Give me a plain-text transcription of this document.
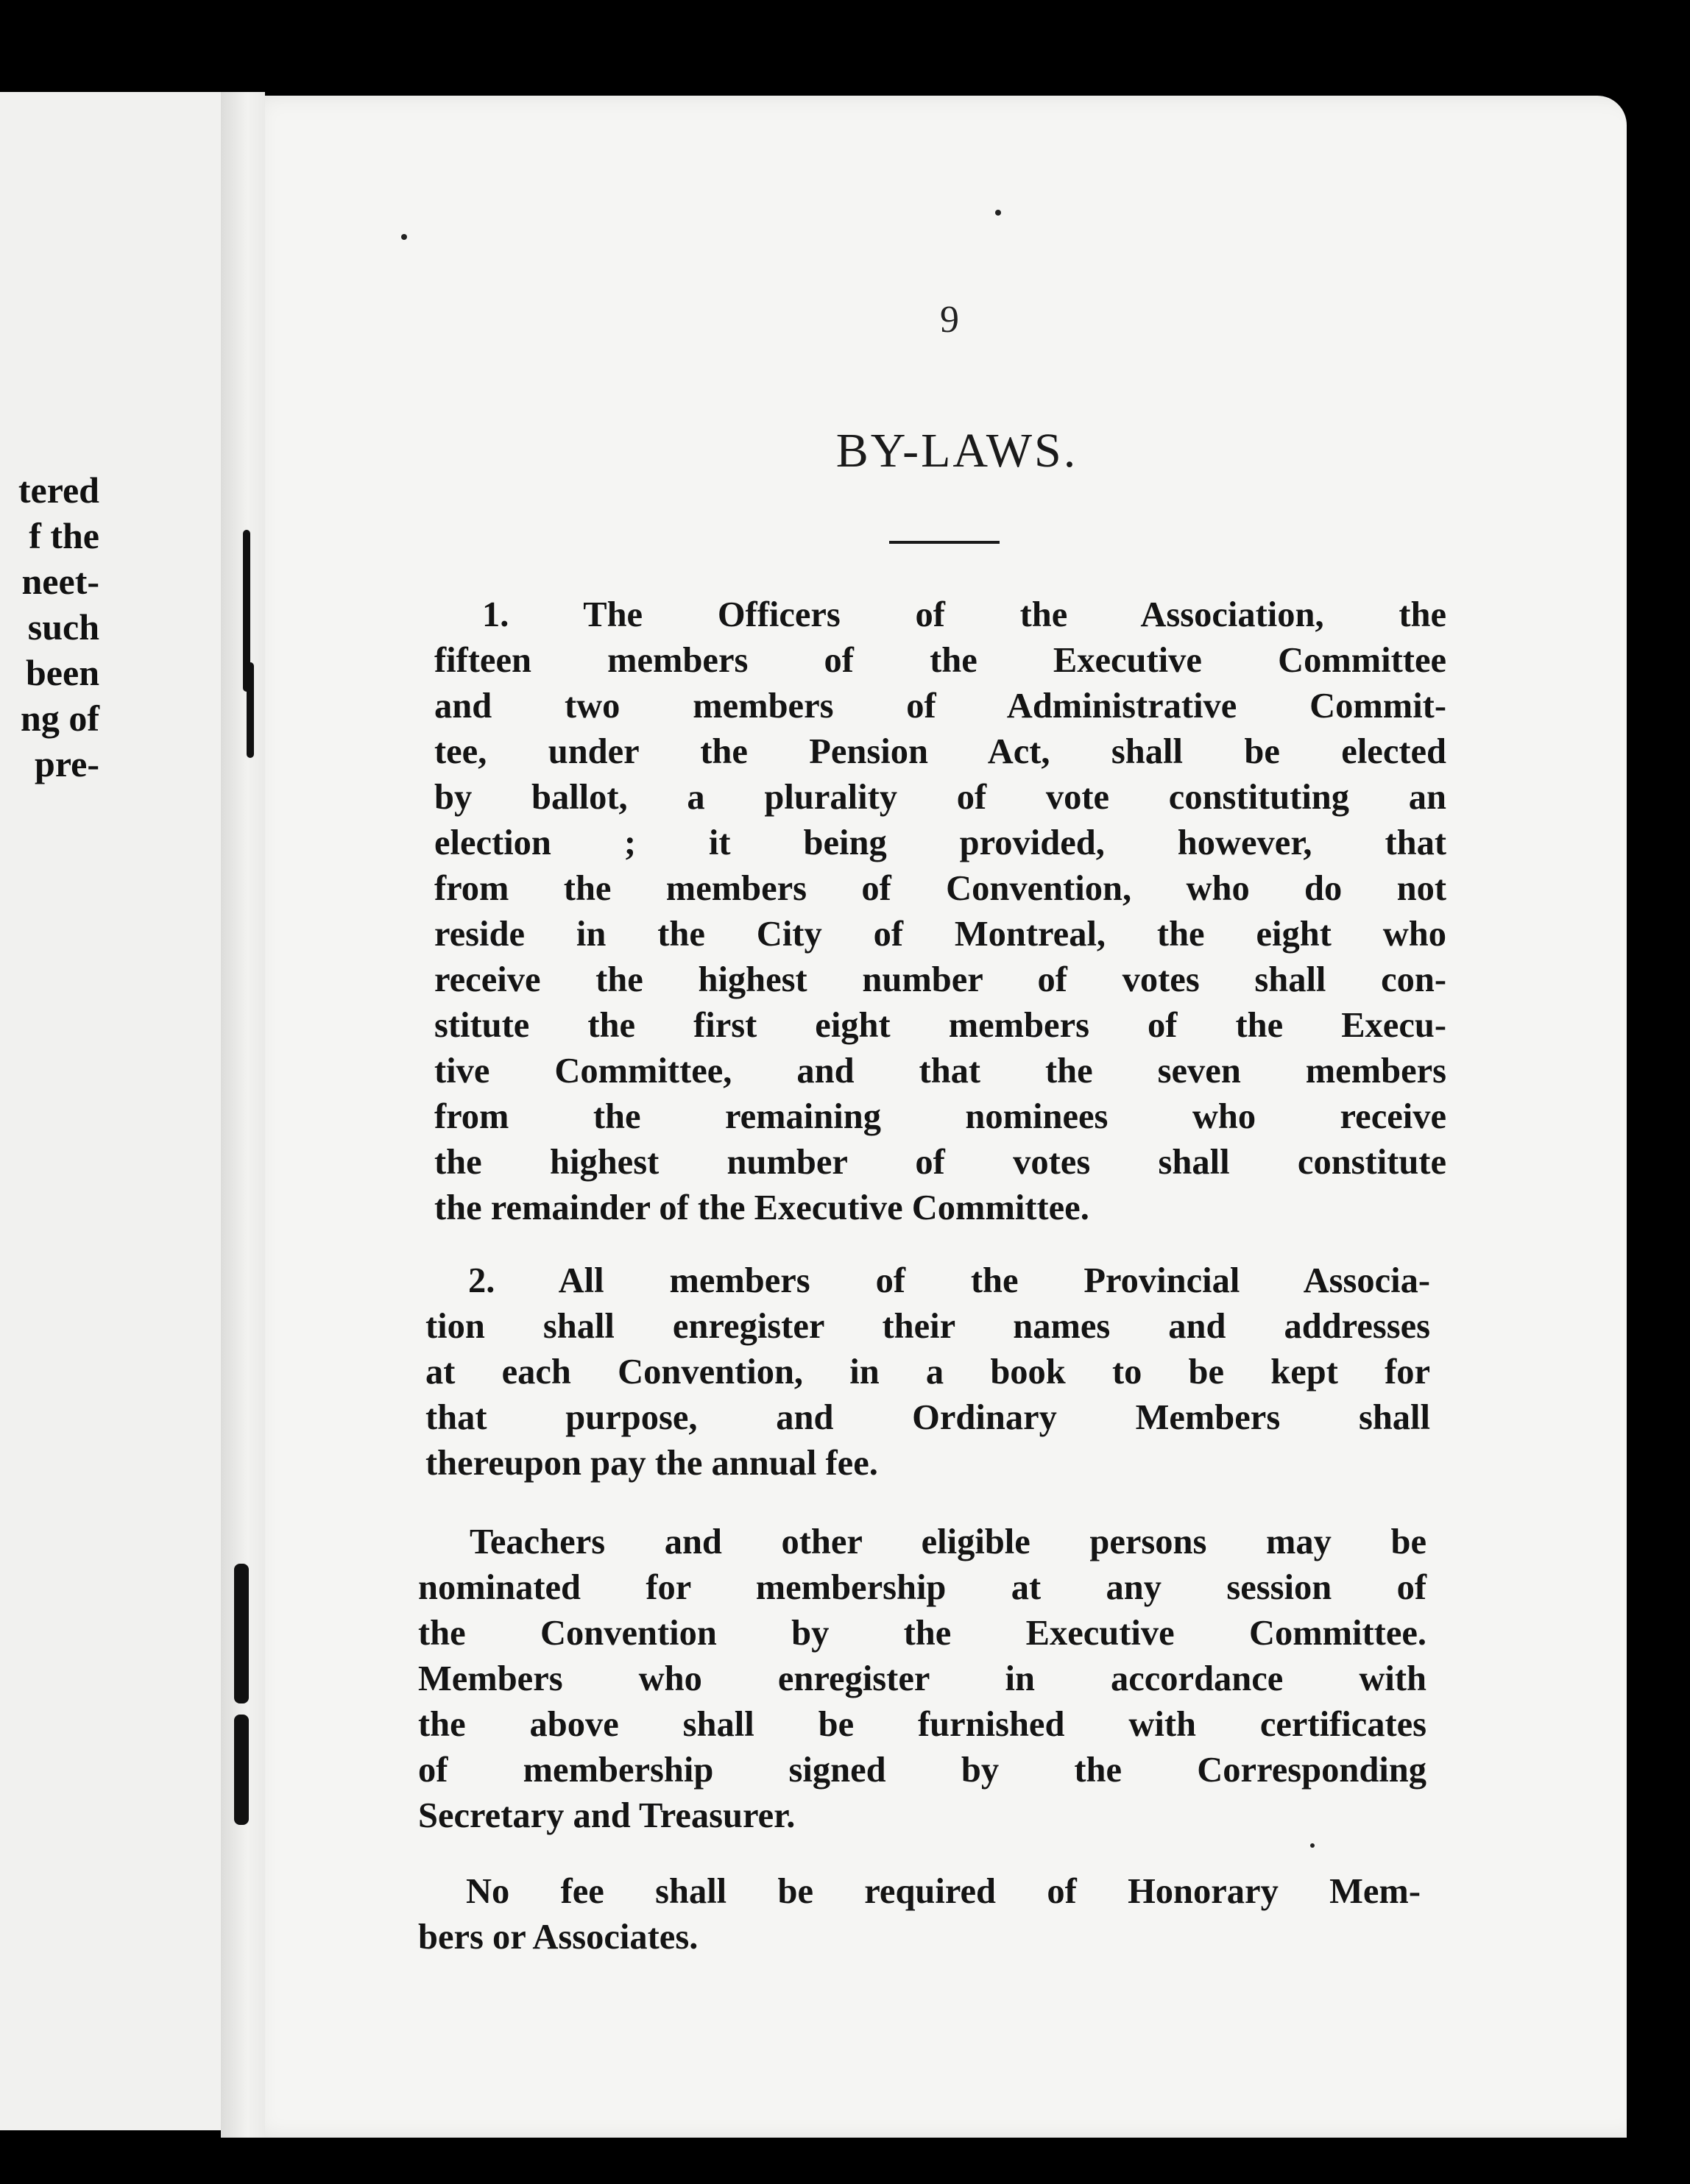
tered
f the
neet-
such
been
ng of
pre-
9
BY-LAWS.
1. The Officers of the Association, the
fifteen members of the Executive Committee
and two members of Administrative Commit-
tee, under the Pension Act, shall be elected
by ballot, a plurality of vote constituting an
election ; it being provided, however, that
from the members of Convention, who do not
reside in the City of Montreal, the eight who
receive the highest number of votes shall con-
stitute the first eight members of the Execu-
tive Committee, and that the seven members
from the remaining nominees who receive
the highest number of votes shall constitute
the remainder of the Executive Committee.
2. All members of the Provincial Associa-
tion shall enregister their names and addresses
at each Convention, in a book to be kept for
that purpose, and Ordinary Members shall
thereupon pay the annual fee.
Teachers and other eligible persons may be
nominated for membership at any session of
the Convention by the Executive Committee.
Members who enregister in accordance with
the above shall be furnished with certificates
of membership signed by the Corresponding
Secretary and Treasurer.
No fee shall be required of Honorary Mem-
bers or Associates.
